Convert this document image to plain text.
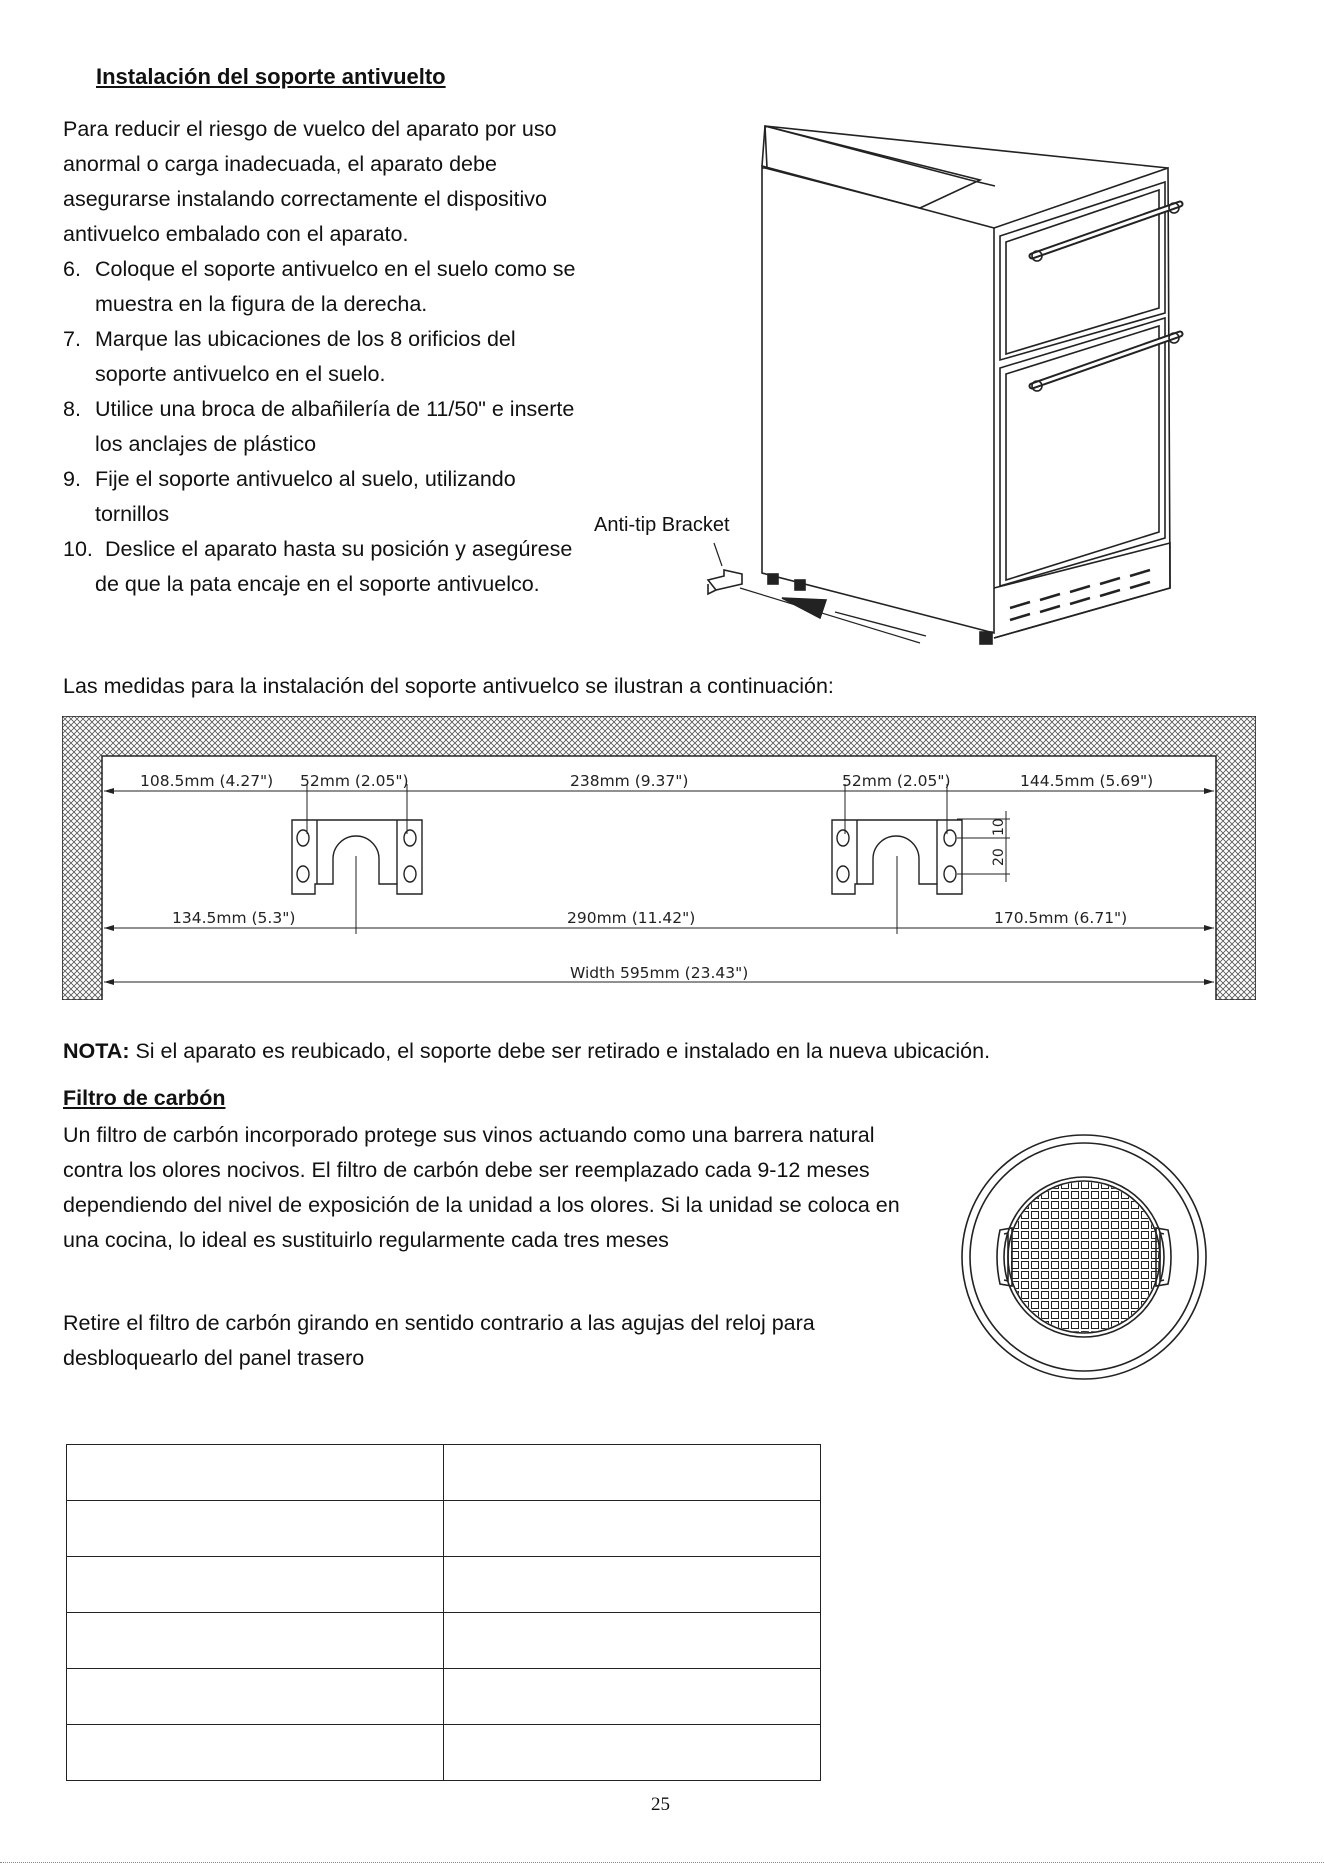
Instalación del soporte antivuelto
Para reducir el riesgo de vuelco del aparato por uso anormal o carga inadecuada, el aparato debe asegurarse instalando correctamente el dispositivo antivuelco embalado con el aparato.
6. Coloque el soporte antivuelco en el suelo como se muestra en la figura de la derecha.
7. Marque las ubicaciones de los 8 orificios del soporte antivuelco en el suelo.
8. Utilice una broca de albañilería de 11/50" e inserte los anclajes de plástico
9. Fije el soporte antivuelco al suelo, utilizando tornillos
10. Deslice el aparato hasta su posición y asegúrese de que la pata encaje en el soporte antivuelco.
Anti-tip Bracket
Las medidas para la instalación del soporte antivuelco se ilustran a continuación:
108.5mm (4.27") 52mm (2.05")	238mm (9.37")	52mm (2.05")	144.5mm (5.69")
134.5mm (5.3")	290mm (11.42")	170.5mm (6.71")
Width 595mm (23.43")
10
20
NOTA: Si el aparato es reubicado, el soporte debe ser retirado e instalado en la nueva ubicación.
Filtro de carbón
Un filtro de carbón incorporado protege sus vinos actuando como una barrera natural contra los olores nocivos. El filtro de carbón debe ser reemplazado cada 9-12 meses dependiendo del nivel de exposición de la unidad a los olores. Si la unidad se coloca en una cocina, lo ideal es sustituirlo regularmente cada tres meses
Retire el filtro de carbón girando en sentido contrario a las agujas del reloj para desbloquearlo del panel trasero

25
